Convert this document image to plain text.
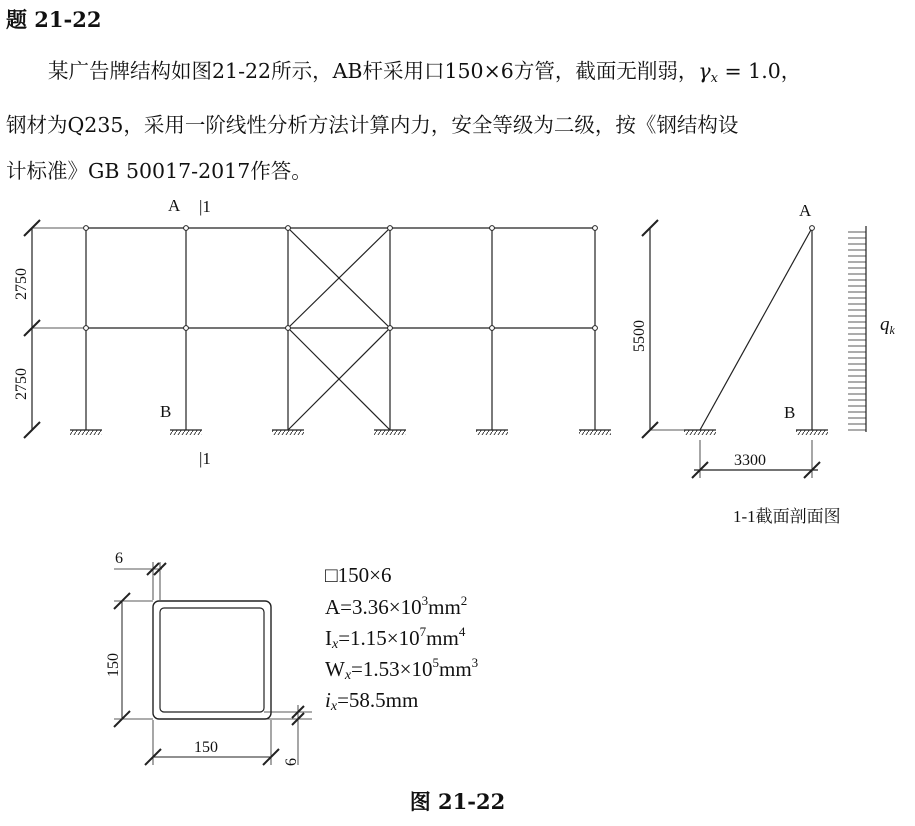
题 21-22

某广告牌结构如图21-22所示，AB杆采用口150×6方管，截面无削弱，$\gamma_x = 1.0$，

钢材为Q235，采用一阶线性分析方法计算内力，安全等级为二级，按《钢结构设

计标准》GB 50017-2017作答。

A
B
|1
|1
2750
2750
A
B
5500
3300
$q_k$
1-1截面剖面图
6
150
150
6
□150×6
$A=3.36\times 10^3mm^2$
$Ix=1.15\times 10^7mm^4$
$Wx=1.53\times 10^5mm^3$
ix=58.5mm
图 21-22
